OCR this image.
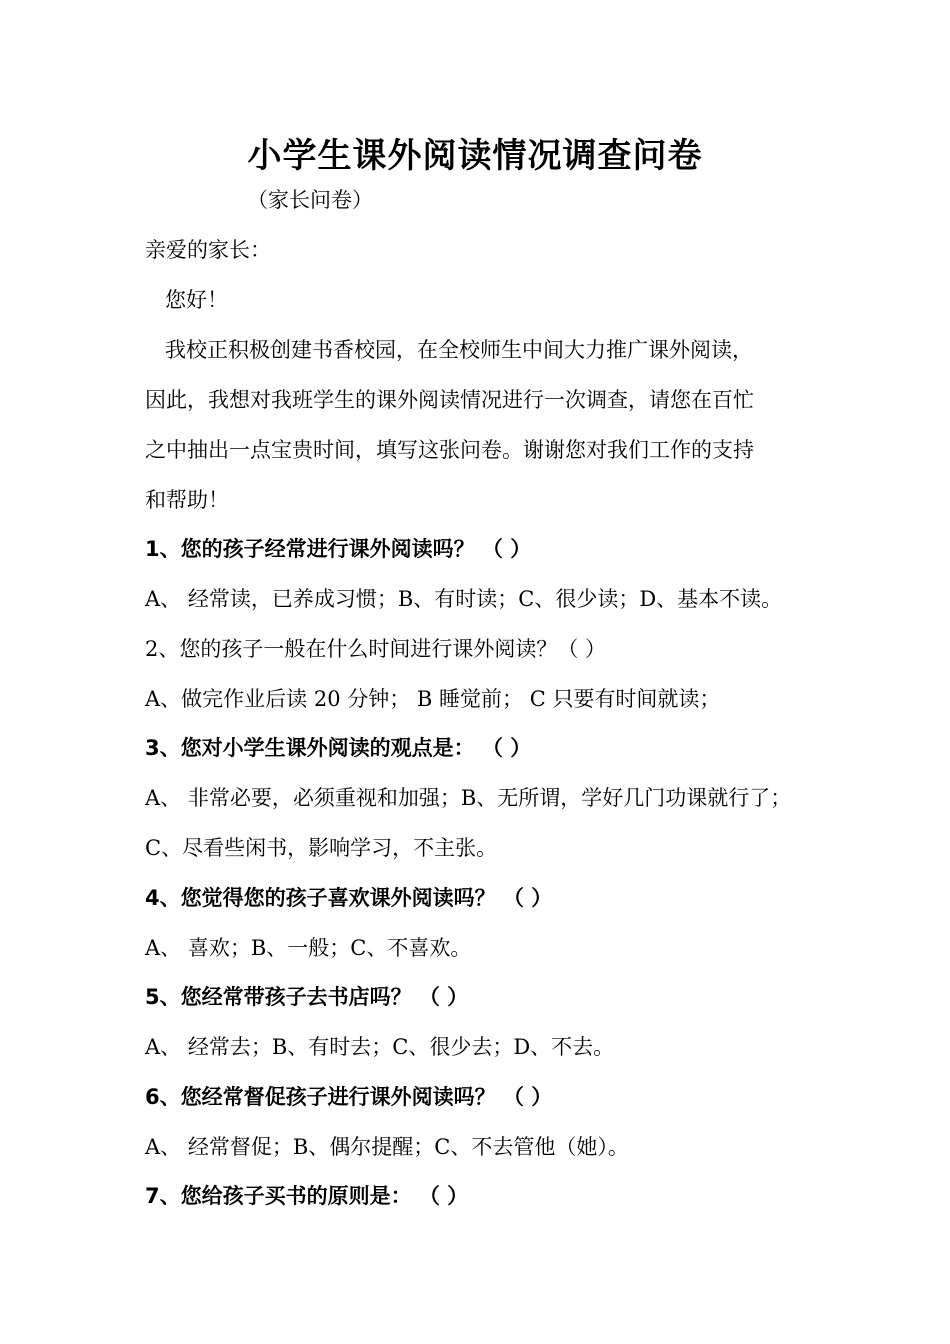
小学生课外阅读情况调查问卷
（家长问卷）
亲爱的家长：
您好！
我校正积极创建书香校园，在全校师生中间大力推广课外阅读，
因此，我想对我班学生的课外阅读情况进行一次调查，请您在百忙
之中抽出一点宝贵时间，填写这张问卷。谢谢您对我们工作的支持
和帮助！
1、您的孩子经常进行课外阅读吗？ （ ）
A、 经常读，已养成习惯；B、有时读；C、很少读；D、基本不读。
2、您的孩子一般在什么时间进行课外阅读？（ ）
A、做完作业后读 20 分钟； B 睡觉前； C 只要有时间就读；
3、您对小学生课外阅读的观点是： （ ）
A、 非常必要，必须重视和加强；B、无所谓，学好几门功课就行了；
C、尽看些闲书，影响学习，不主张。
4、您觉得您的孩子喜欢课外阅读吗？ （ ）
A、 喜欢；B、一般；C、不喜欢。
5、您经常带孩子去书店吗？ （ ）
A、 经常去；B、有时去；C、很少去；D、不去。
6、您经常督促孩子进行课外阅读吗？ （ ）
A、 经常督促；B、偶尔提醒；C、不去管他（她）。
7、您给孩子买书的原则是： （ ）
